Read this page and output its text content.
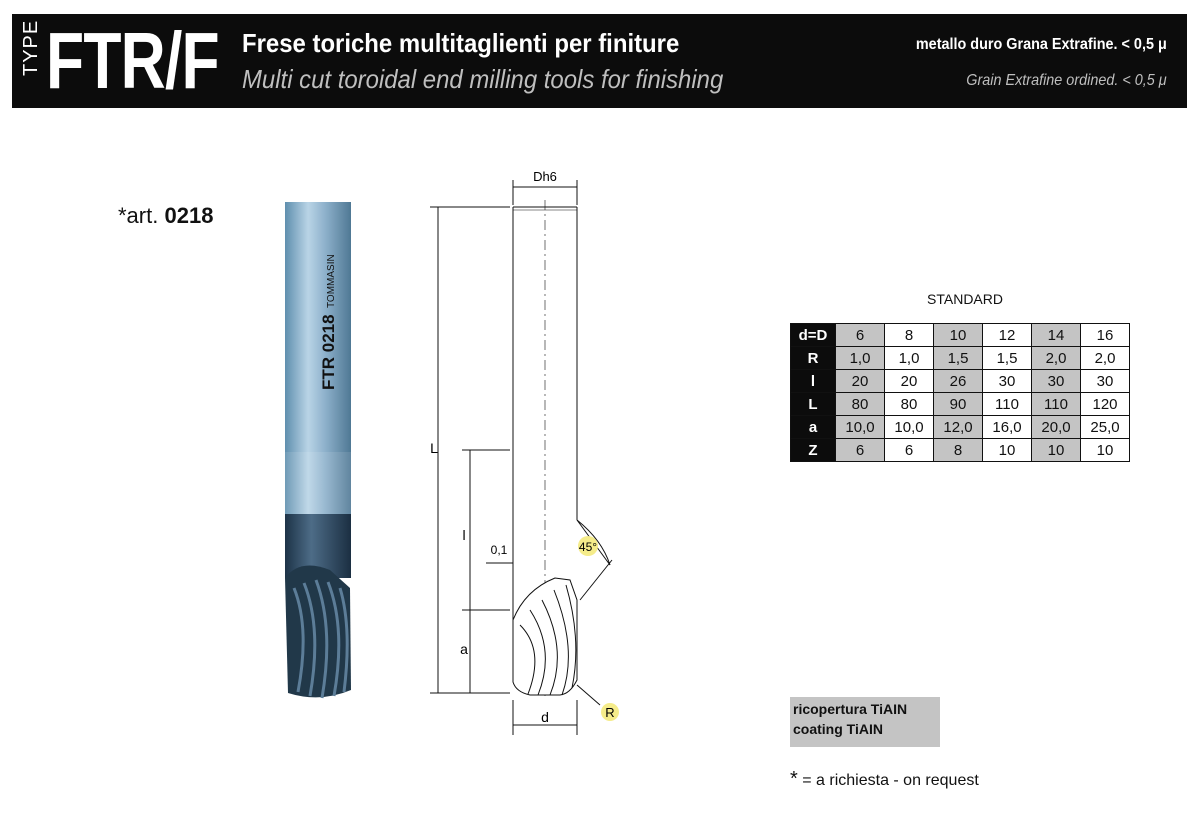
TYPE FTR/F Frese toriche multitaglienti per finiture
Multi cut toroidal end milling tools for finishing
metallo duro Grana Extrafine. < 0,5 μ
Grain Extrafine ordined. < 0,5 μ
*art. 0218
FTR 0218
TOMMASIN
45°
R
Dh6
L
l
0,1
a
d
STANDARD
d=D	6	8	10	12	14	16
R	1,0	1,0	1,5	1,5	2,0	2,0
l	20	20	26	30	30	30
L	80	80	90	110	110	120
a	10,0	10,0	12,0	16,0	20,0	25,0
Z	6	6	8	10	10	10
ricopertura TiAIN
coating TiAIN
* = a richiesta - on request
